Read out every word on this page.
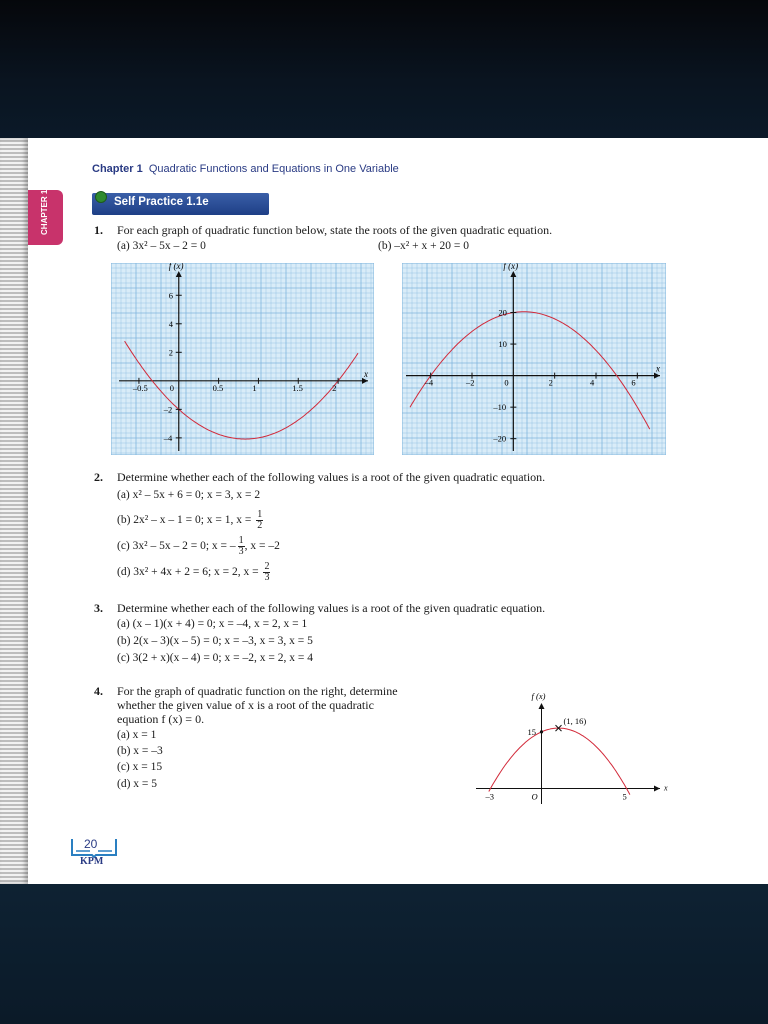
CHAPTER 1
Chapter 1 Quadratic Functions and Equations in One Variable
Self Practice 1.1e
1. For each graph of quadratic function below, state the roots of the given quadratic equation.
(a) 3x² – 5x – 2 = 0	(b) –x² + x + 20 = 0
x
f (x)
–0.5	0	0.5	1	1.5	2
–4
–2
2
4
6
x
f (x)
–4	–2	0	2	4	6
–20
–10
10
20
2. Determine whether each of the following values is a root of the given quadratic equation.
(a) x² – 5x + 6 = 0; x = 3, x = 2
(b) 2x² – x – 1 = 0; x = 1, $x = \frac{1}{2}$
(c) 3x² – 5x – 2 = 0; x = – $\frac{1}{3}$ , x = –2
(d) 3x² + 4x + 2 = 6; x = 2, $x = \frac{2}{3}$
3. Determine whether each of the following values is a root of the given quadratic equation.
(a) (x – 1)(x + 4) = 0; x = –4, x = 2, x = 1
(b) 2(x – 3)(x – 5) = 0; x = –3, x = 3, x = 5
(c) 3(2 + x)(x – 4) = 0; x = –2, x = 2, x = 4
4. For the graph of quadratic function on the right, determine
whether the given value of x is a root of the quadratic
equation f (x) = 0.
(a) x = 1
(b) x = –3
(c) x = 15
(d) x = 5	x
f (x)
(1, 16)
15
–3	O	5
20
KPM
